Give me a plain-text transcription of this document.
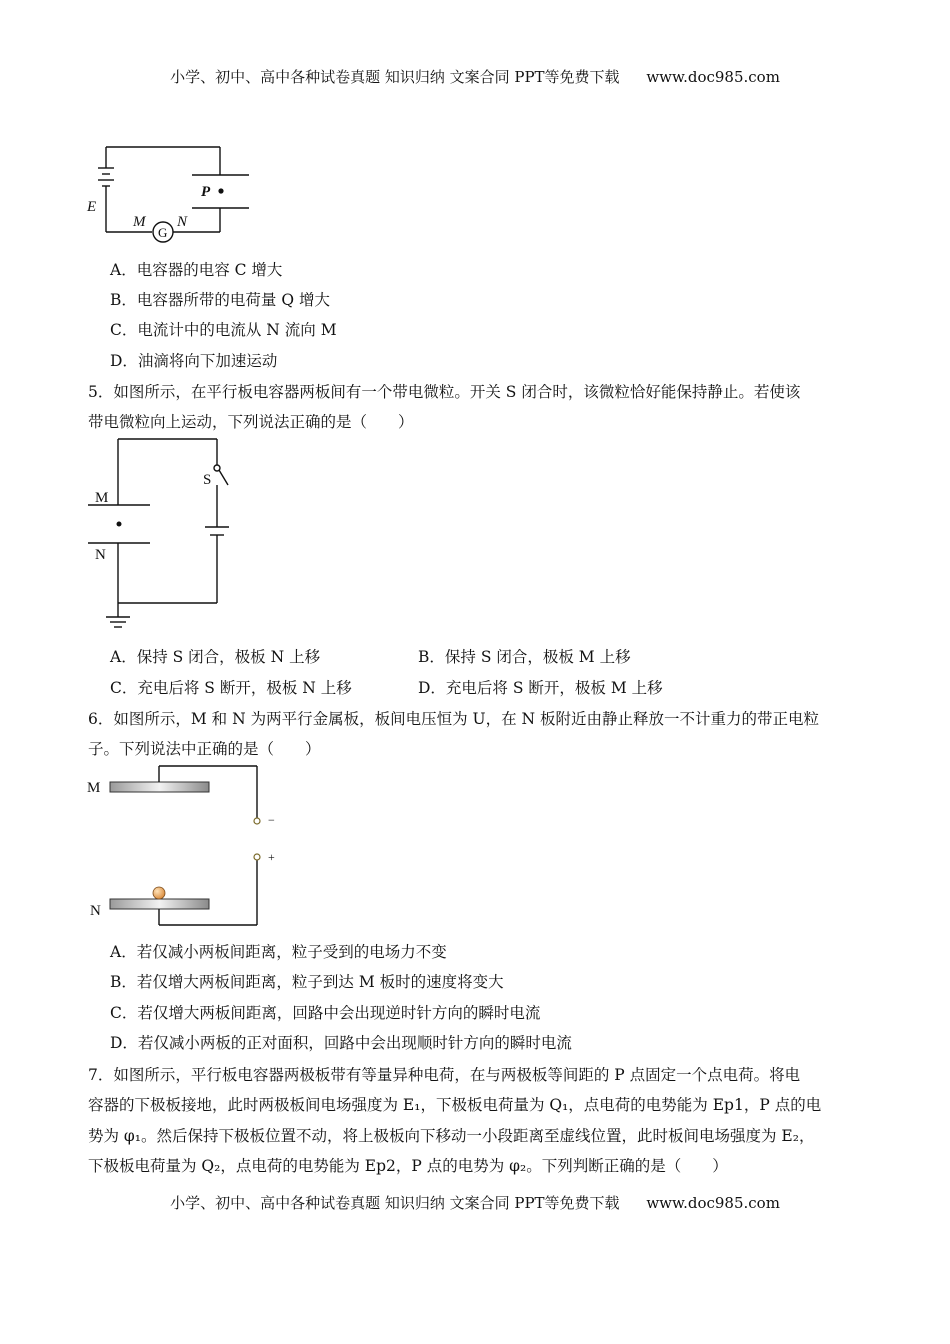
小学、初中、高中各种试卷真题 知识归纳 文案合同 PPT等免费下载 www.doc985.com
E
P
M
G
N
A．电容器的电容 C 增大
B．电容器所带的电荷量 Q 增大
C．电流计中的电流从 N 流向 M
D．油滴将向下加速运动
5．如图所示，在平行板电容器两板间有一个带电微粒。开关 S 闭合时，该微粒恰好能保持静止。若使该
带电微粒向上运动，下列说法正确的是（　　）
S
M
N
A．保持 S 闭合，极板 N 上移	B．保持 S 闭合，极板 M 上移
C．充电后将 S 断开，极板 N 上移	D．充电后将 S 断开，极板 M 上移
6．如图所示，M 和 N 为两平行金属板，板间电压恒为 U，在 N 板附近由静止释放一不计重力的带正电粒
子。下列说法中正确的是（　　）
M
N
−
+
A．若仅减小两板间距离，粒子受到的电场力不变
B．若仅增大两板间距离，粒子到达 M 板时的速度将变大
C．若仅增大两板间距离，回路中会出现逆时针方向的瞬时电流
D．若仅减小两板的正对面积，回路中会出现顺时针方向的瞬时电流
7．如图所示，平行板电容器两极板带有等量异种电荷，在与两极板等间距的 P 点固定一个点电荷。将电
容器的下极板接地，此时两极板间电场强度为 E₁，下极板电荷量为 Q₁，点电荷的电势能为 Ep1，P 点的电
势为 φ₁。然后保持下极板位置不动，将上极板向下移动一小段距离至虚线位置，此时板间电场强度为 E₂，
下极板电荷量为 Q₂，点电荷的电势能为 Ep2，P 点的电势为 φ₂。下列判断正确的是（　　）
小学、初中、高中各种试卷真题 知识归纳 文案合同 PPT等免费下载 www.doc985.com
